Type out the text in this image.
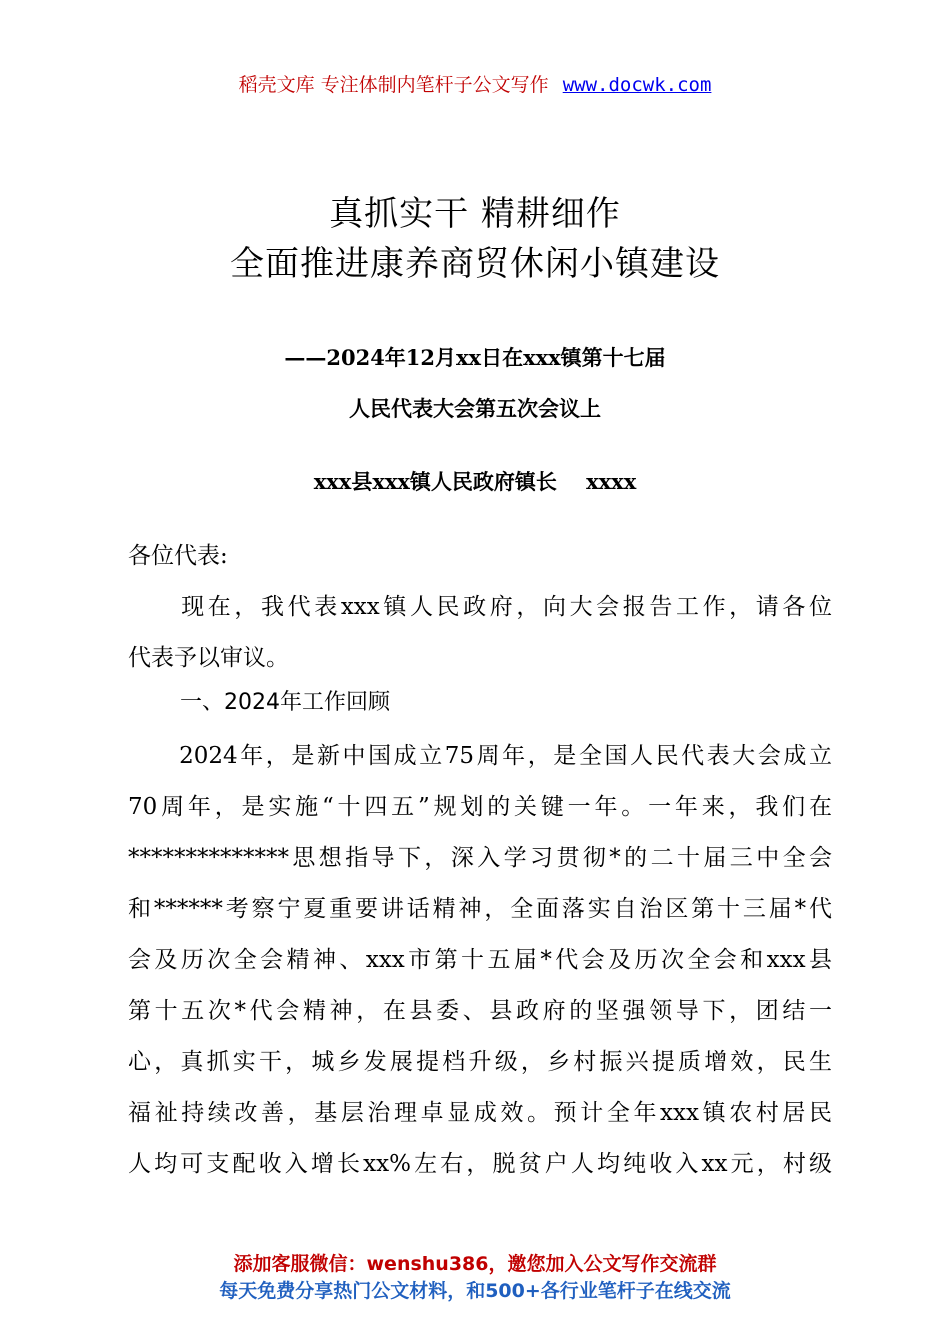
稻壳文库 专注体制内笔杆子公文写作 www.docwk.com
真抓实干 精耕细作
全面推进康养商贸休闲小镇建设
——2024年12月xx日在xxx镇第十七届
人民代表大会第五次会议上
xxx县xxx镇人民政府镇长    xxxx
各位代表:
　　现在，我代表xxx镇人民政府，向大会报告工作，请各位
代表予以审议。
一、2024年工作回顾
　　2024年，是新中国成立75周年，是全国人民代表大会成立
70周年，是实施“十四五”规划的关键一年。一年来，我们在
**************思想指导下，深入学习贯彻*的二十届三中全会
和******考察宁夏重要讲话精神，全面落实自治区第十三届*代
会及历次全会精神、xxx市第十五届*代会及历次全会和xxx县
第十五次*代会精神，在县委、县政府的坚强领导下，团结一
心，真抓实干，城乡发展提档升级，乡村振兴提质增效，民生
福祉持续改善，基层治理卓显成效。预计全年xxx镇农村居民
人均可支配收入增长xx%左右，脱贫户人均纯收入xx元，村级
添加客服微信：wenshu386，邀您加入公文写作交流群
每天免费分享热门公文材料，和500+各行业笔杆子在线交流
